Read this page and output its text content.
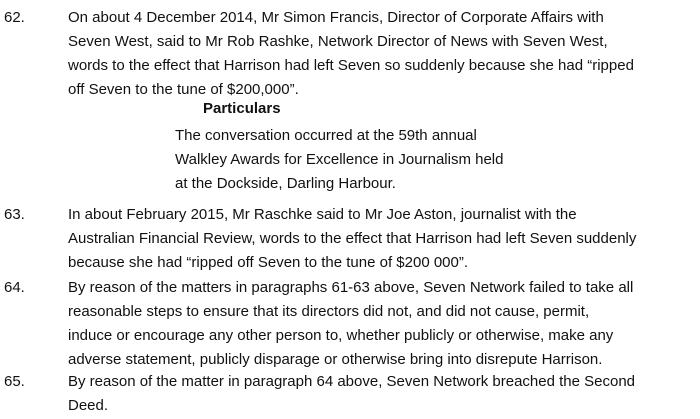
62.	On about 4 December 2014, Mr Simon Francis, Director of Corporate Affairs with
Seven West, said to Mr Rob Rashke, Network Director of News with Seven West,
words to the effect that Harrison had left Seven so suddenly because she had “ripped
off Seven to the tune of $200,000”.
Particulars
The conversation occurred at the 59th annual
Walkley Awards for Excellence in Journalism held
at the Dockside, Darling Harbour.
63.	In about February 2015, Mr Raschke said to Mr Joe Aston, journalist with the
Australian Financial Review, words to the effect that Harrison had left Seven suddenly
because she had “ripped off Seven to the tune of $200 000”.
64.	By reason of the matters in paragraphs 61-63 above, Seven Network failed to take all
reasonable steps to ensure that its directors did not, and did not cause, permit,
induce or encourage any other person to, whether publicly or otherwise, make any
adverse statement, publicly disparage or otherwise bring into disrepute Harrison.
65.	By reason of the matter in paragraph 64 above, Seven Network breached the Second
Deed.
